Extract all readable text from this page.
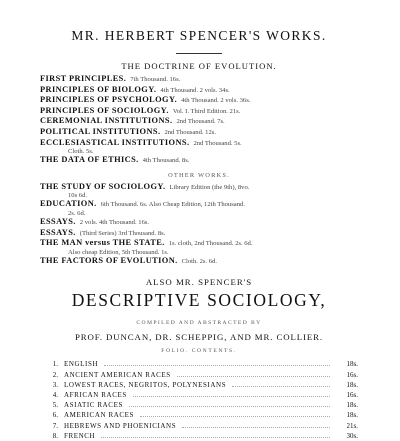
MR. HERBERT SPENCER'S WORKS.
THE DOCTRINE OF EVOLUTION.
FIRST PRINCIPLES. 7th Thousand. 16s.
PRINCIPLES OF BIOLOGY. 4th Thousand. 2 vols. 34s.
PRINCIPLES OF PSYCHOLOGY. 4th Thousand. 2 vols. 36s.
PRINCIPLES OF SOCIOLOGY. Vol. I. Third Edition. 21s.
CEREMONIAL INSTITUTIONS. 2nd Thousand. 7s.
POLITICAL INSTITUTIONS. 2nd Thousand. 12s.
ECCLESIASTICAL INSTITUTIONS. 2nd Thousand. 5s.
Cloth. 5s.
THE DATA OF ETHICS. 4th Thousand. 8s.
OTHER WORKS.
THE STUDY OF SOCIOLOGY. Library Edition (the 9th), 8vo.
10s 6d.
EDUCATION. 6th Thousand. 6s. Also Cheap Edition, 12th Thousand.
2s. 6d.
ESSAYS. 2 vols. 4th Thousand. 16s.
ESSAYS. (Third Series) 3rd Thousand. 8s.
THE MAN versus THE STATE. 1s. cloth, 2nd Thousand. 2s. 6d.
Also cheap Edition, 5th Thousand. 1s.
THE FACTORS OF EVOLUTION. Cloth. 2s. 6d.
ALSO MR. SPENCER'S
DESCRIPTIVE SOCIOLOGY,
COMPILED AND ABSTRACTED BY
PROF. DUNCAN, DR. SCHEPPIG, AND MR. COLLIER.
FOLIO. CONTENTS.
1. ENGLISH	18s.
2. ANCIENT AMERICAN RACES	16s.
3. LOWEST RACES, NEGRITOS, POLYNESIANS	18s.
4. AFRICAN RACES	16s.
5. ASIATIC RACES	18s.
6. AMERICAN RACES	18s.
7. HEBREWS AND PHOENICIANS	21s.
8. FRENCH	30s.
